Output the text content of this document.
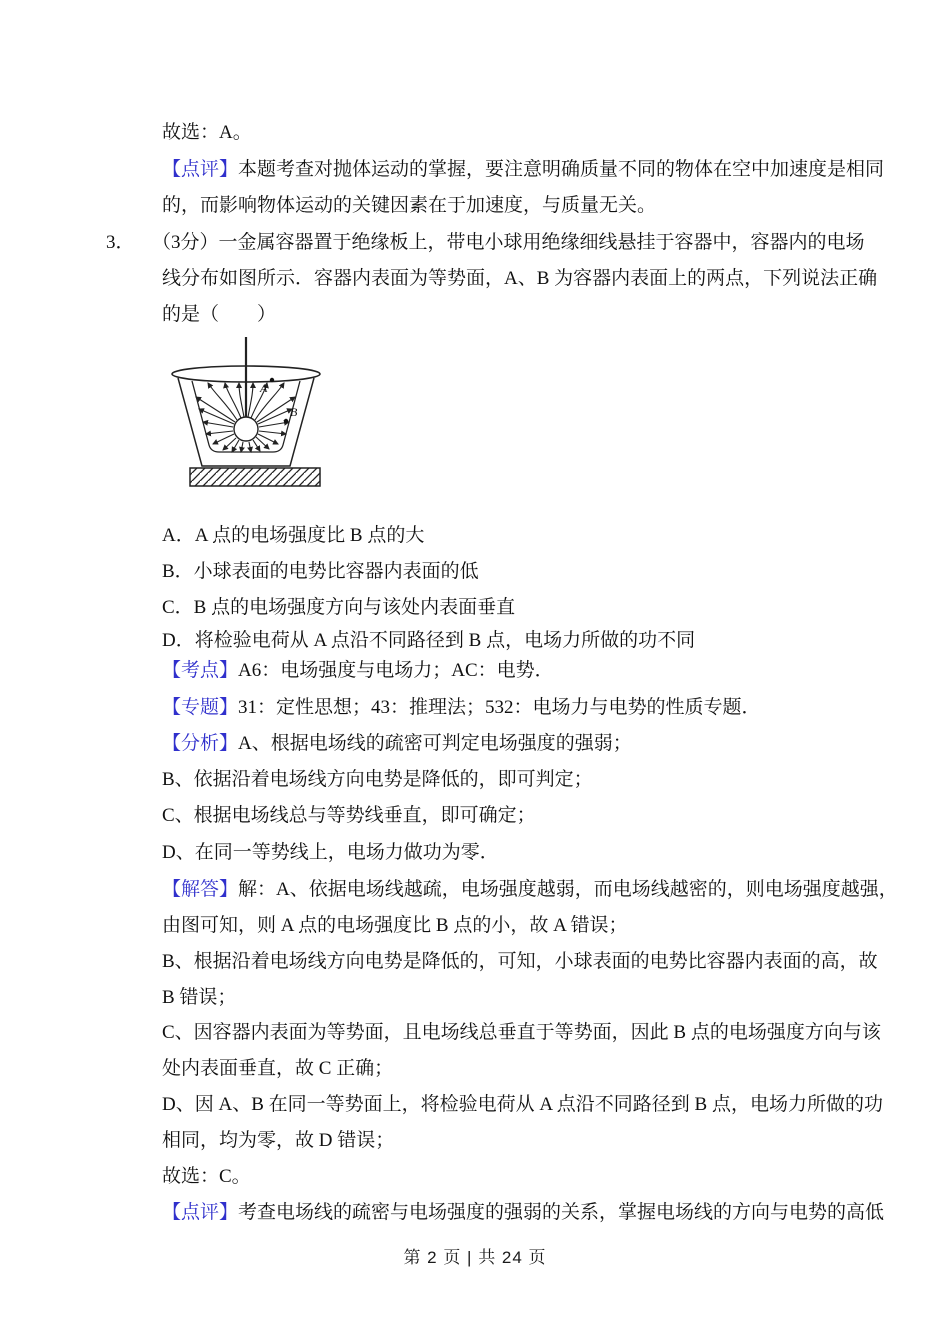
故选：A。
【点评】本题考查对抛体运动的掌握，要注意明确质量不同的物体在空中加速度是相同
的，而影响物体运动的关键因素在于加速度，与质量无关。
3． （3分）一金属容器置于绝缘板上，带电小球用绝缘细线悬挂于容器中，容器内的电场
线分布如图所示．容器内表面为等势面，A、B 为容器内表面上的两点，下列说法正确
的是（　　）
A
B
A．A 点的电场强度比 B 点的大
B．小球表面的电势比容器内表面的低
C．B 点的电场强度方向与该处内表面垂直
D．将检验电荷从 A 点沿不同路径到 B 点，电场力所做的功不同
【考点】A6：电场强度与电场力；AC：电势．
【专题】31：定性思想；43：推理法；532：电场力与电势的性质专题．
【分析】A、根据电场线的疏密可判定电场强度的强弱；
B、依据沿着电场线方向电势是降低的，即可判定；
C、根据电场线总与等势线垂直，即可确定；
D、在同一等势线上，电场力做功为零．
【解答】解：A、依据电场线越疏，电场强度越弱，而电场线越密的，则电场强度越强，
由图可知，则 A 点的电场强度比 B 点的小，故 A 错误；
B、根据沿着电场线方向电势是降低的，可知，小球表面的电势比容器内表面的高，故
B 错误；
C、因容器内表面为等势面，且电场线总垂直于等势面，因此 B 点的电场强度方向与该
处内表面垂直，故 C 正确；
D、因 A、B 在同一等势面上，将检验电荷从 A 点沿不同路径到 B 点，电场力所做的功
相同，均为零，故 D 错误；
故选：C。
【点评】考查电场线的疏密与电场强度的强弱的关系，掌握电场线的方向与电势的高低
第 2 页 | 共 24 页
